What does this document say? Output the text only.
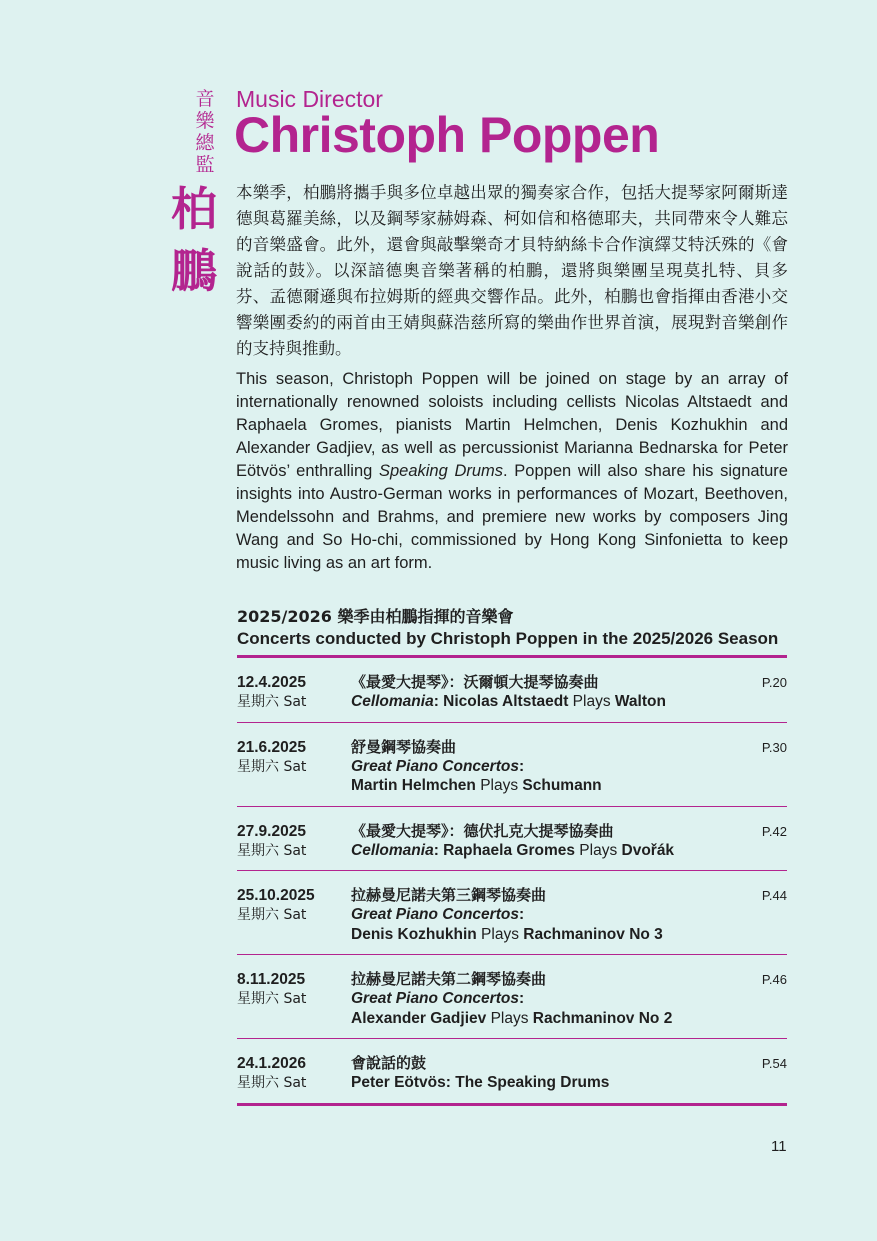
音樂總監
柏鵬
Music Director
Christoph Poppen

本樂季，柏鵬將攜手與多位卓越出眾的獨奏家合作，包括大提琴家阿爾斯達德與葛羅美絲，以及鋼琴家赫姆森、柯如信和格德耶夫，共同帶來令人難忘的音樂盛會。此外，還會與敲擊樂奇才貝特納絲卡合作演繹艾特沃殊的《會說話的鼓》。以深諳德奧音樂著稱的柏鵬，還將與樂團呈現莫扎特、貝多芬、孟德爾遜與布拉姆斯的經典交響作品。此外，柏鵬也會指揮由香港小交響樂團委約的兩首由王婧與蘇浩慈所寫的樂曲作世界首演，展現對音樂創作的支持與推動。

This season, Christoph Poppen will be joined on stage by an array of internationally renowned soloists including cellists Nicolas Altstaedt and Raphaela Gromes, pianists Martin Helmchen, Denis Kozhukhin and Alexander Gadjiev, as well as percussionist Marianna Bednarska for Peter Eötvös’ enthralling Speaking Drums. Poppen will also share his signature insights into Austro-German works in performances of Mozart, Beethoven, Mendelssohn and Brahms, and premiere new works by composers Jing Wang and So Ho-chi, commissioned by Hong Kong Sinfonietta to keep music living as an art form.

2025/2026 樂季由柏鵬指揮的音樂會
Concerts conducted by Christoph Poppen in the 2025/2026 Season
12.4.2025
星期六 Sat
《最愛大提琴》：沃爾頓大提琴協奏曲
Cellomania: Nicolas Altstaedt Plays Walton
P.20
21.6.2025
星期六 Sat
舒曼鋼琴協奏曲
Great Piano Concertos:
Martin Helmchen Plays Schumann
P.30
27.9.2025
星期六 Sat
《最愛大提琴》：德伏扎克大提琴協奏曲
Cellomania: Raphaela Gromes Plays Dvořák
P.42
25.10.2025
星期六 Sat
拉赫曼尼諾夫第三鋼琴協奏曲
Great Piano Concertos:
Denis Kozhukhin Plays Rachmaninov No 3
P.44
8.11.2025
星期六 Sat
拉赫曼尼諾夫第二鋼琴協奏曲
Great Piano Concertos:
Alexander Gadjiev Plays Rachmaninov No 2
P.46
24.1.2026
星期六 Sat
會說話的鼓
Peter Eötvös: The Speaking Drums
P.54
11
